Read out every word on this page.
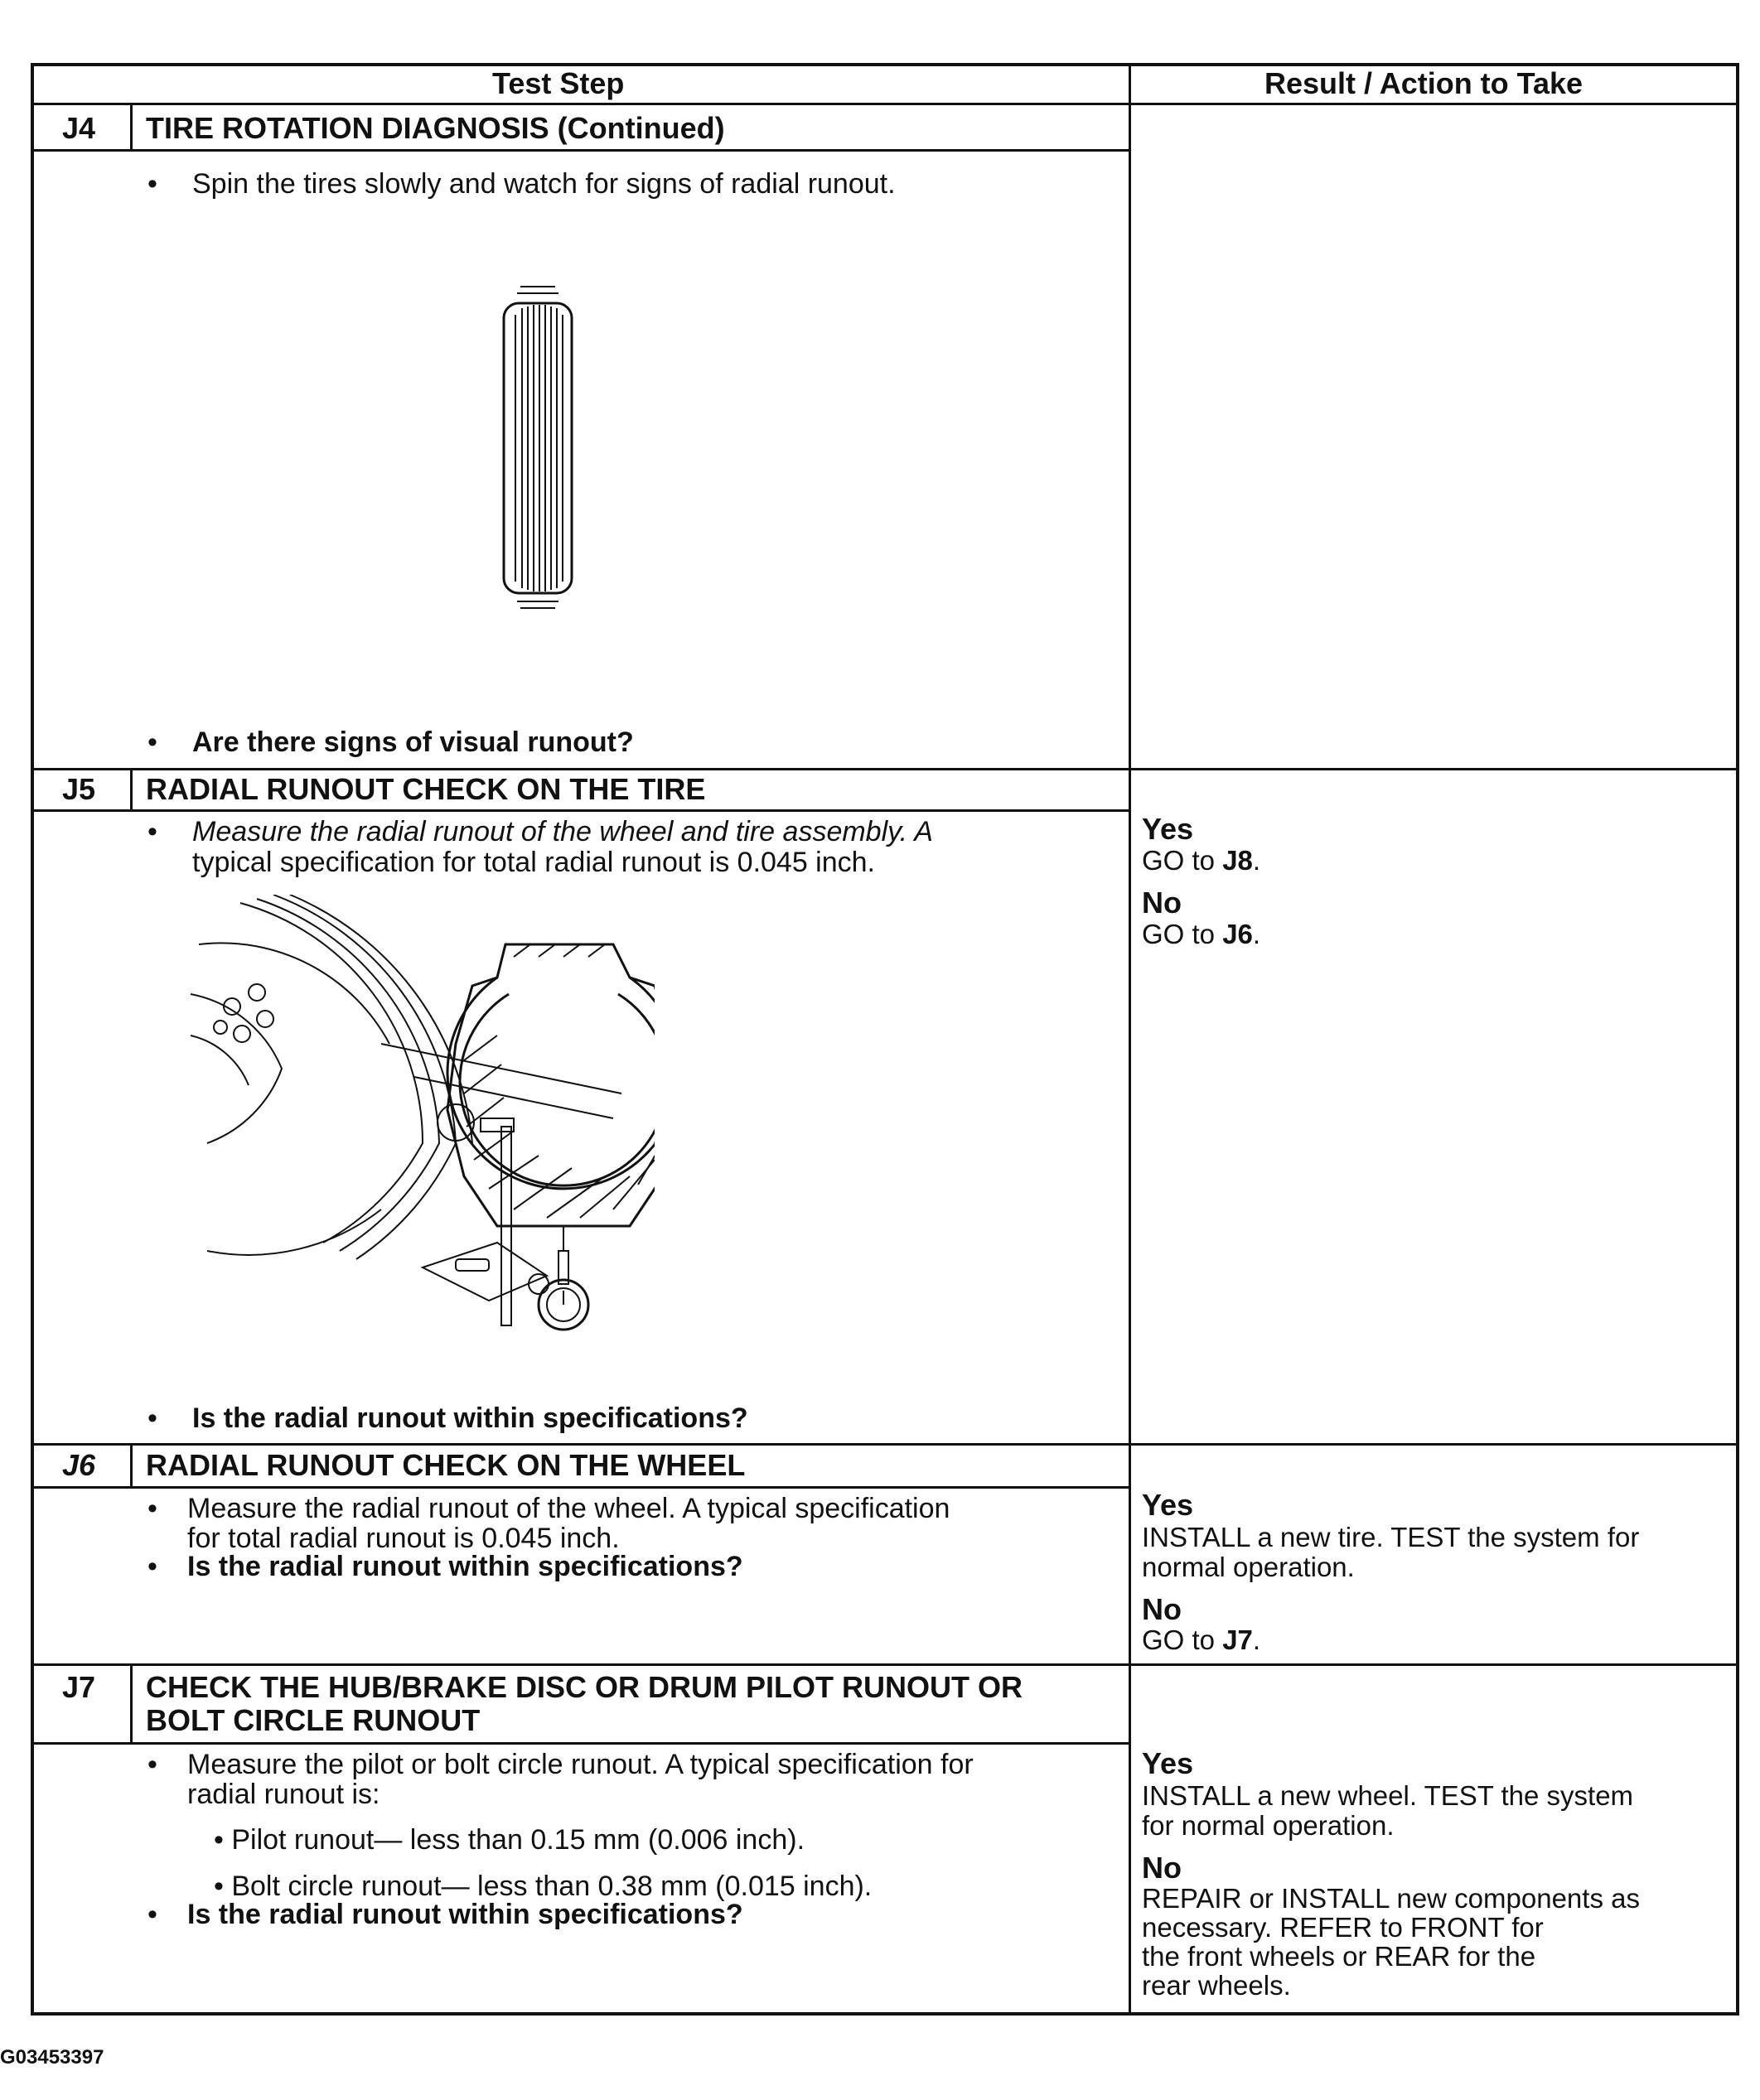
Test Step	Result / Action to Take
J4 TIRE ROTATION DIAGNOSIS (Continued)
• Spin the tires slowly and watch for signs of radial runout.
• Are there signs of visual runout?
J5 RADIAL RUNOUT CHECK ON THE TIRE
• Measure the radial runout of the wheel and tire assembly. A
typical specification for total radial runout is 0.045 inch.
• Is the radial runout within specifications?
Yes
GO to J8.
No
GO to J6.
J6 RADIAL RUNOUT CHECK ON THE WHEEL
• Measure the radial runout of the wheel. A typical specification
for total radial runout is 0.045 inch.
• Is the radial runout within specifications?
Yes
INSTALL a new tire. TEST the system for
normal operation.
No
GO to J7.
J7 CHECK THE HUB/BRAKE DISC OR DRUM PILOT RUNOUT OR
BOLT CIRCLE RUNOUT
• Measure the pilot or bolt circle runout. A typical specification for
radial runout is:
• Pilot runout— less than 0.15 mm (0.006 inch).
• Bolt circle runout— less than 0.38 mm (0.015 inch).
• Is the radial runout within specifications?
Yes
INSTALL a new wheel. TEST the system
for normal operation.
No
REPAIR or INSTALL new components as
necessary. REFER to FRONT for
the front wheels or REAR for the
rear wheels.
G03453397
